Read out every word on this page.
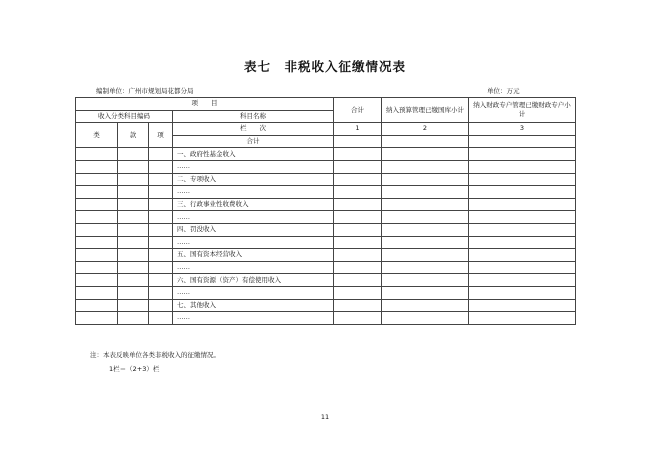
表七　非税收入征缴情况表
编制单位：广州市规划局花都分局	单位：万元
项　　目				合计	纳入预算管理已缴国库小计	纳入财政专户管理已缴财政专户小计
收入分类科目编码			科目名称			
类	款	项	栏　　次	1	2	3
			合计			
			一、政府性基金收入			
			……			
			二、专项收入			
			……			
			三、行政事业性收费收入			
			……			
			四、罚没收入			
			……			
			五、国有资本经营收入			
			……			
			六、国有资源（资产）有偿使用收入			
			……			
			七、其他收入			
			……			
注：本表反映单位各类非税收入的征缴情况。
1栏＝（2+3）栏
11
